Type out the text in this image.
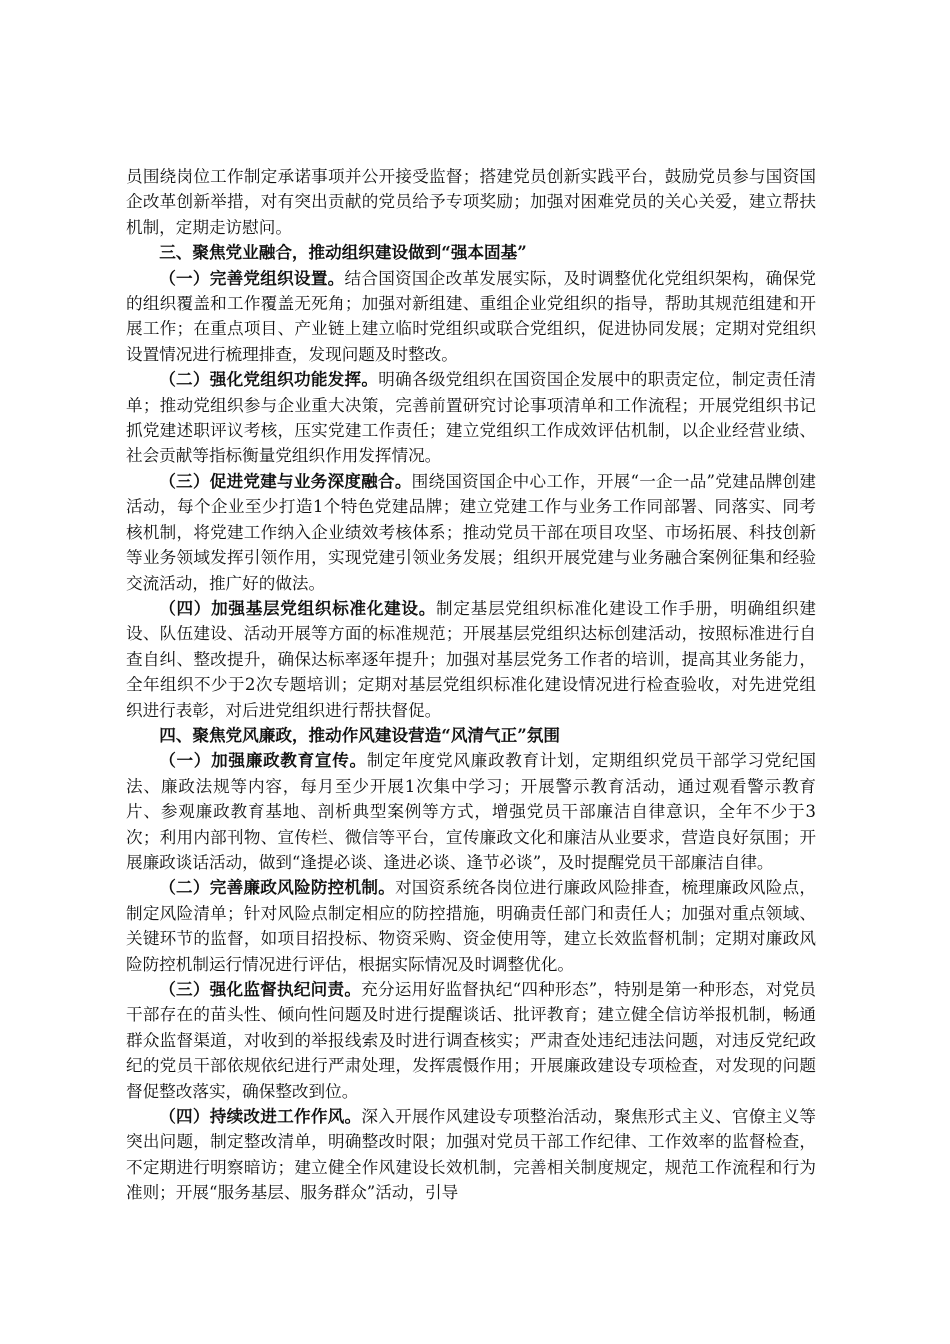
员围绕岗位工作制定承诺事项并公开接受监督；搭建党员创新实践平台，鼓励党员参与国资国企改革创新举措，对有突出贡献的党员给予专项奖励；加强对困难党员的关心关爱，建立帮扶机制，定期走访慰问。

三、聚焦党业融合，推动组织建设做到“强本固基”

（一）完善党组织设置。结合国资国企改革发展实际，及时调整优化党组织架构，确保党的组织覆盖和工作覆盖无死角；加强对新组建、重组企业党组织的指导，帮助其规范组建和开展工作；在重点项目、产业链上建立临时党组织或联合党组织，促进协同发展；定期对党组织设置情况进行梳理排查，发现问题及时整改。

（二）强化党组织功能发挥。明确各级党组织在国资国企发展中的职责定位，制定责任清单；推动党组织参与企业重大决策，完善前置研究讨论事项清单和工作流程；开展党组织书记抓党建述职评议考核，压实党建工作责任；建立党组织工作成效评估机制，以企业经营业绩、社会贡献等指标衡量党组织作用发挥情况。

（三）促进党建与业务深度融合。围绕国资国企中心工作，开展“一企一品”党建品牌创建活动，每个企业至少打造1个特色党建品牌；建立党建工作与业务工作同部署、同落实、同考核机制，将党建工作纳入企业绩效考核体系；推动党员干部在项目攻坚、市场拓展、科技创新等业务领域发挥引领作用，实现党建引领业务发展；组织开展党建与业务融合案例征集和经验交流活动，推广好的做法。

（四）加强基层党组织标准化建设。制定基层党组织标准化建设工作手册，明确组织建设、队伍建设、活动开展等方面的标准规范；开展基层党组织达标创建活动，按照标准进行自查自纠、整改提升，确保达标率逐年提升；加强对基层党务工作者的培训，提高其业务能力，全年组织不少于2次专题培训；定期对基层党组织标准化建设情况进行检查验收，对先进党组织进行表彰，对后进党组织进行帮扶督促。

四、聚焦党风廉政，推动作风建设营造“风清气正”氛围

（一）加强廉政教育宣传。制定年度党风廉政教育计划，定期组织党员干部学习党纪国法、廉政法规等内容，每月至少开展1次集中学习；开展警示教育活动，通过观看警示教育片、参观廉政教育基地、剖析典型案例等方式，增强党员干部廉洁自律意识，全年不少于3次；利用内部刊物、宣传栏、微信等平台，宣传廉政文化和廉洁从业要求，营造良好氛围；开展廉政谈话活动，做到“逢提必谈、逢进必谈、逢节必谈”，及时提醒党员干部廉洁自律。

（二）完善廉政风险防控机制。对国资系统各岗位进行廉政风险排查，梳理廉政风险点，制定风险清单；针对风险点制定相应的防控措施，明确责任部门和责任人；加强对重点领域、关键环节的监督，如项目招投标、物资采购、资金使用等，建立长效监督机制；定期对廉政风险防控机制运行情况进行评估，根据实际情况及时调整优化。

（三）强化监督执纪问责。充分运用好监督执纪“四种形态”，特别是第一种形态，对党员干部存在的苗头性、倾向性问题及时进行提醒谈话、批评教育；建立健全信访举报机制，畅通群众监督渠道，对收到的举报线索及时进行调查核实；严肃查处违纪违法问题，对违反党纪政纪的党员干部依规依纪进行严肃处理，发挥震慑作用；开展廉政建设专项检查，对发现的问题督促整改落实，确保整改到位。

（四）持续改进工作作风。深入开展作风建设专项整治活动，聚焦形式主义、官僚主义等突出问题，制定整改清单，明确整改时限；加强对党员干部工作纪律、工作效率的监督检查，不定期进行明察暗访；建立健全作风建设长效机制，完善相关制度规定，规范工作流程和行为准则；开展“服务基层、服务群众”活动，引导
